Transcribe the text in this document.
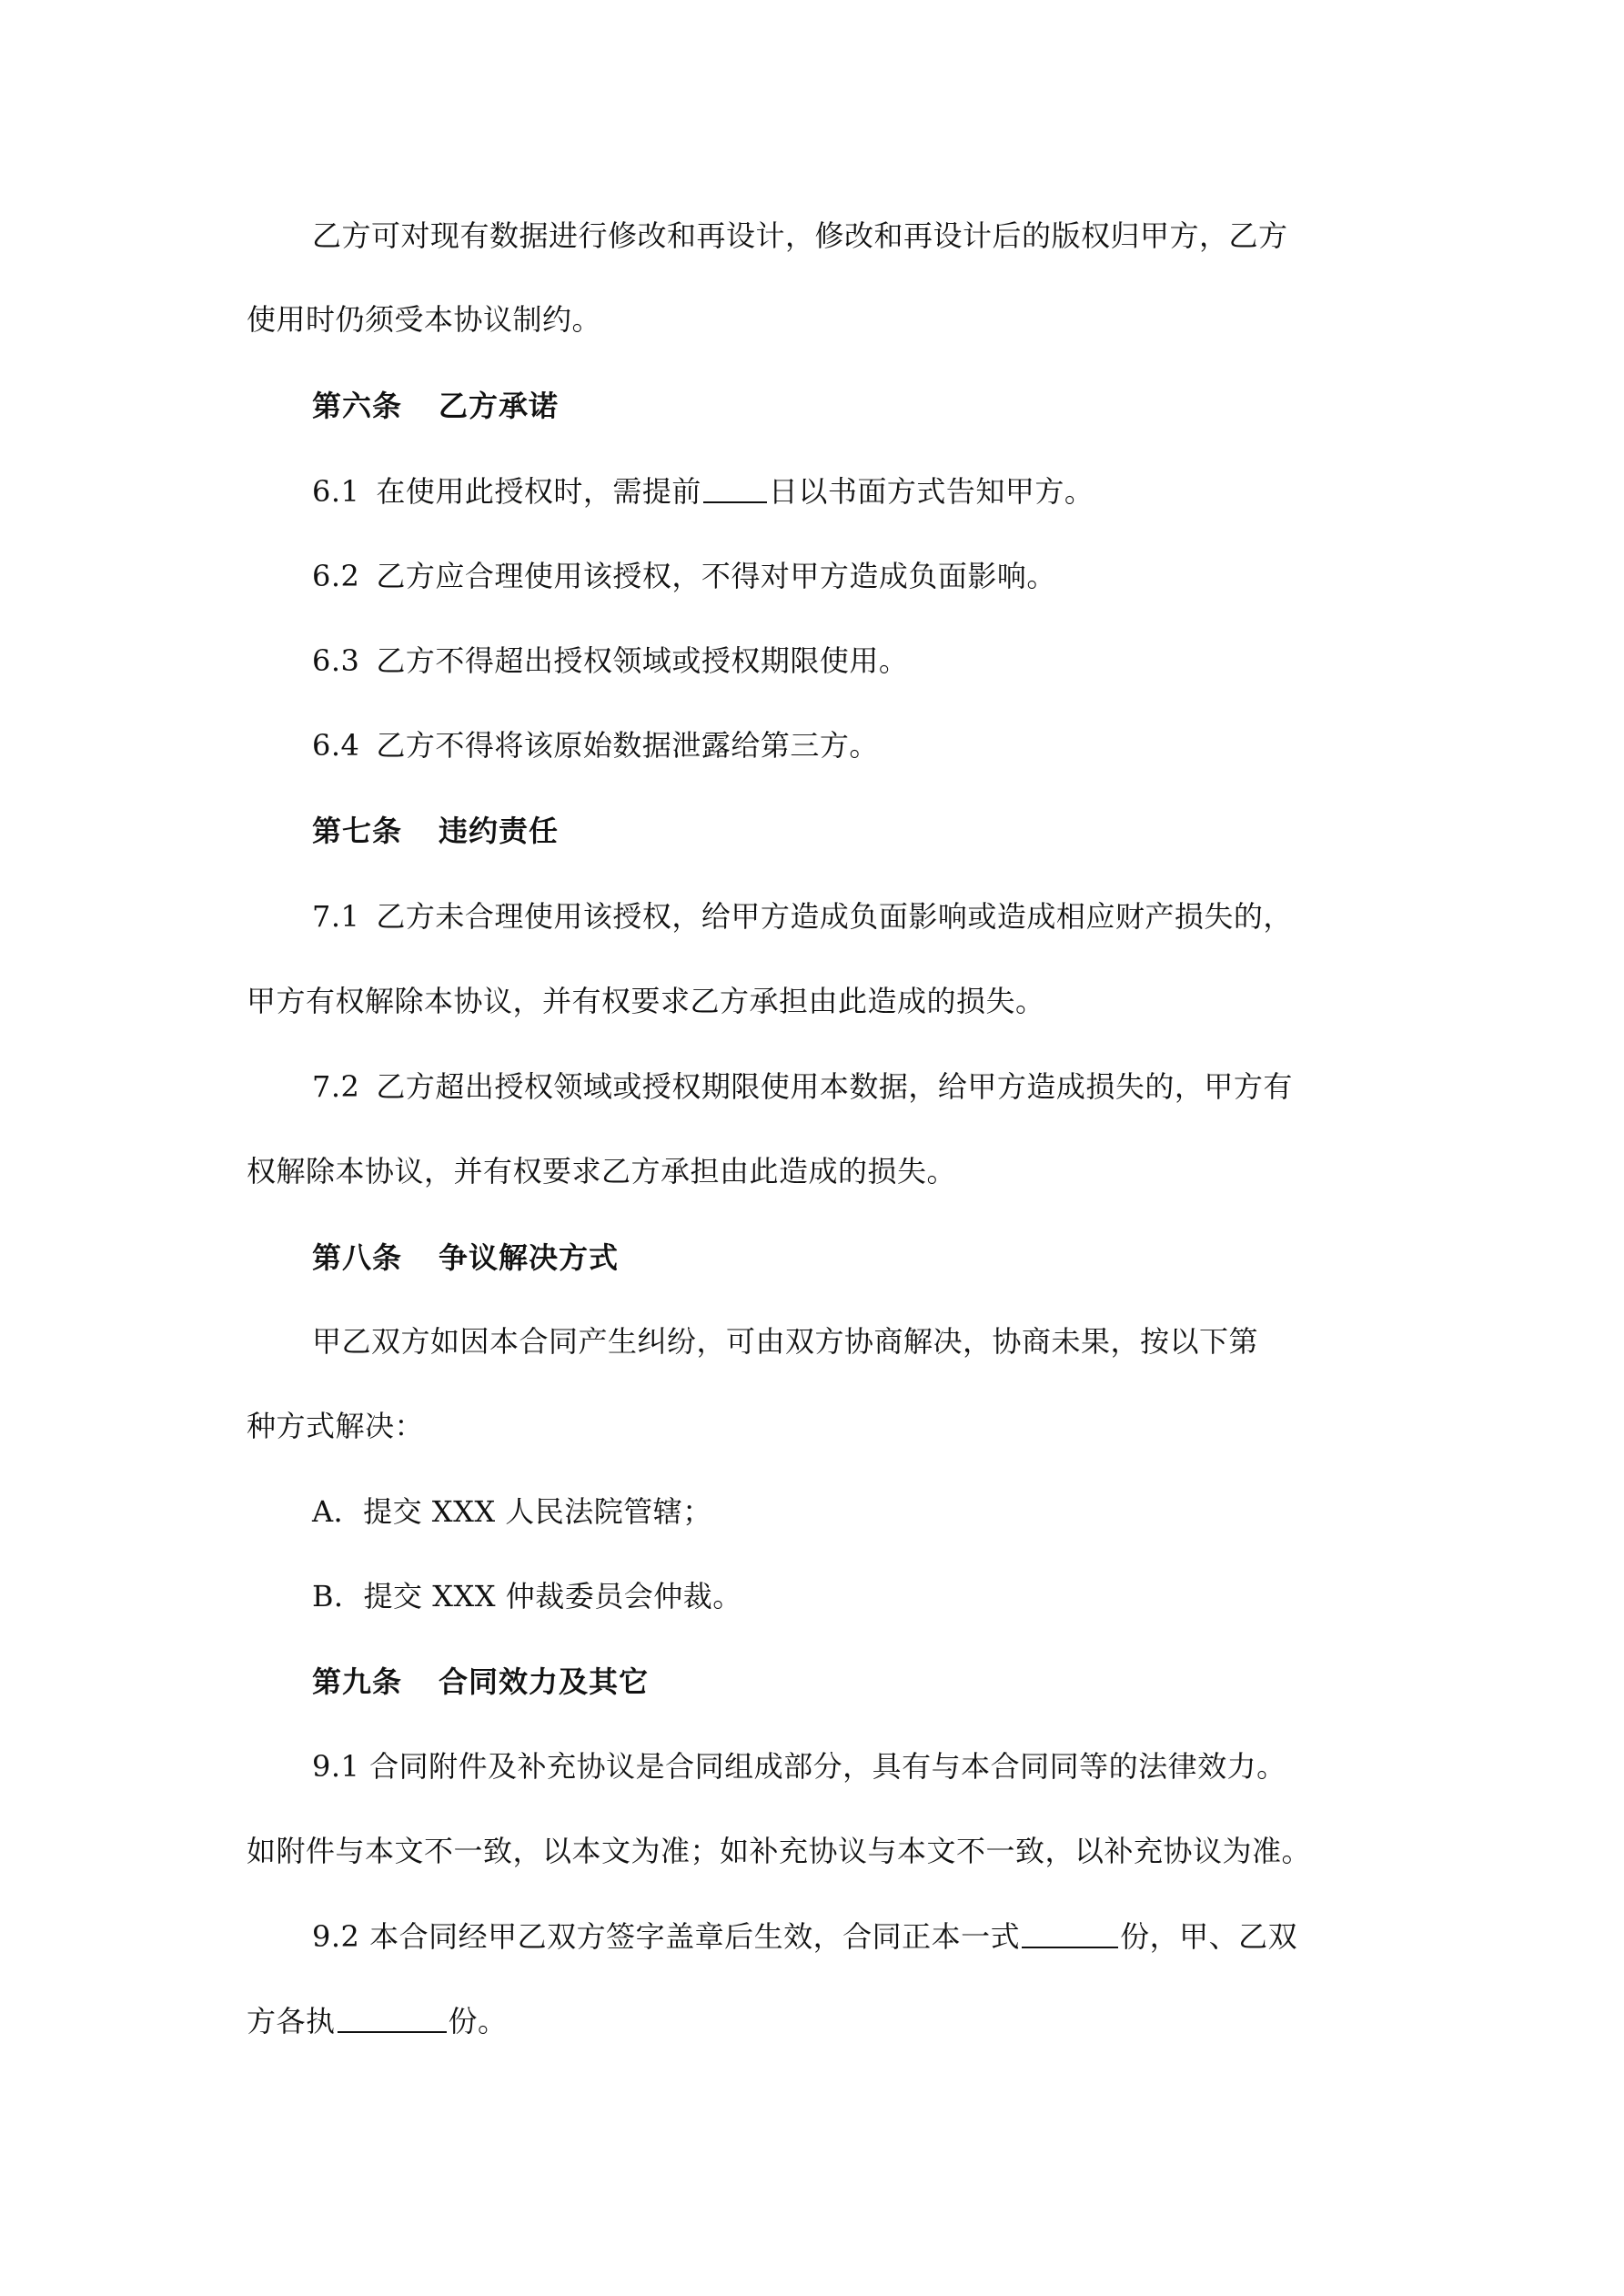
乙方可对现有数据进行修改和再设计，修改和再设计后的版权归甲方，乙方

使用时仍须受本协议制约。

第六条 乙方承诺

6.1 在使用此授权时，需提前 日以书面方式告知甲方。

6.2 乙方应合理使用该授权，不得对甲方造成负面影响。

6.3 乙方不得超出授权领域或授权期限使用。

6.4 乙方不得将该原始数据泄露给第三方。

第七条 违约责任

7.1 乙方未合理使用该授权，给甲方造成负面影响或造成相应财产损失的，

甲方有权解除本协议，并有权要求乙方承担由此造成的损失。

7.2 乙方超出授权领域或授权期限使用本数据，给甲方造成损失的，甲方有

权解除本协议，并有权要求乙方承担由此造成的损失。

第八条 争议解决方式

甲乙双方如因本合同产生纠纷，可由双方协商解决，协商未果，按以下第

种方式解决：

A．提交 XXX 人民法院管辖；

B．提交 XXX 仲裁委员会仲裁。

第九条 合同效力及其它

9.1 合同附件及补充协议是合同组成部分，具有与本合同同等的法律效力。

如附件与本文不一致，以本文为准；如补充协议与本文不一致，以补充协议为准。

9.2 本合同经甲乙双方签字盖章后生效，合同正本一式	份，甲、乙双

方各执	份。
